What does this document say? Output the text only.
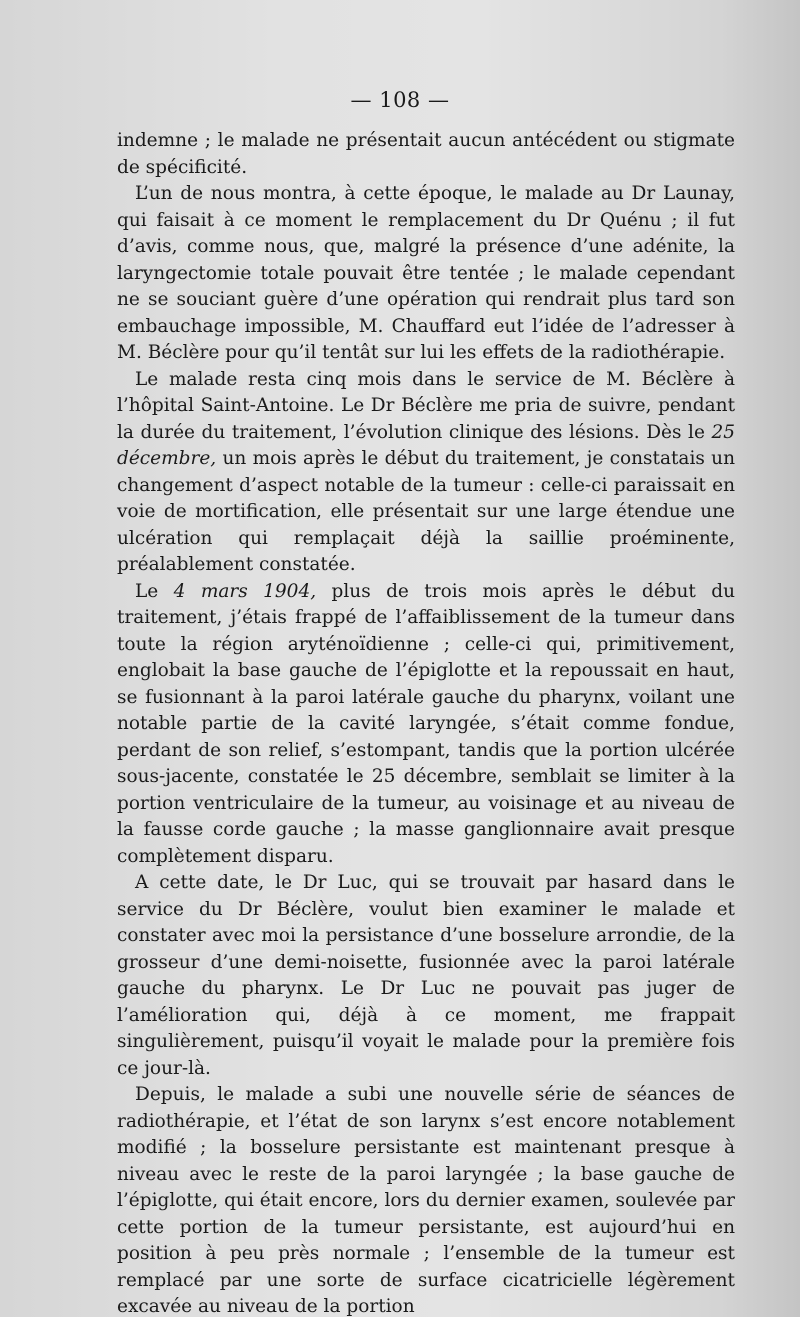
— 108 —

indemne ; le malade ne présentait aucun antécédent ou stigmate de spécificité.

L’un de nous montra, à cette époque, le malade au Dr Launay, qui faisait à ce moment le remplacement du Dr Quénu ; il fut d’avis, comme nous, que, malgré la présence d’une adénite, la laryngectomie totale pouvait être tentée ; le malade cependant ne se souciant guère d’une opération qui rendrait plus tard son embauchage impossible, M. Chauffard eut l’idée de l’adresser à M. Béclère pour qu’il tentât sur lui les effets de la radiothérapie.

Le malade resta cinq mois dans le service de M. Béclère à l’hôpital Saint-Antoine. Le Dr Béclère me pria de suivre, pendant la durée du traitement, l’évolution clinique des lésions. Dès le 25 décembre, un mois après le début du traitement, je constatais un changement d’aspect notable de la tumeur : celle-ci paraissait en voie de mortification, elle présentait sur une large étendue une ulcération qui remplaçait déjà la saillie proéminente, préalablement constatée.

Le 4 mars 1904, plus de trois mois après le début du traitement, j’étais frappé de l’affaiblissement de la tumeur dans toute la région aryténoïdienne ; celle-ci qui, primitivement, englobait la base gauche de l’épiglotte et la repoussait en haut, se fusionnant à la paroi latérale gauche du pharynx, voilant une notable partie de la cavité laryngée, s’était comme fondue, perdant de son relief, s’estompant, tandis que la portion ulcérée sous-jacente, constatée le 25 décembre, semblait se limiter à la portion ventriculaire de la tumeur, au voisinage et au niveau de la fausse corde gauche ; la masse ganglionnaire avait presque complètement disparu.

A cette date, le Dr Luc, qui se trouvait par hasard dans le service du Dr Béclère, voulut bien examiner le malade et constater avec moi la persistance d’une bosselure arrondie, de la grosseur d’une demi-noisette, fusionnée avec la paroi latérale gauche du pharynx. Le Dr Luc ne pouvait pas juger de l’amélioration qui, déjà à ce moment, me frappait singulièrement, puisqu’il voyait le malade pour la première fois ce jour-là.

Depuis, le malade a subi une nouvelle série de séances de radiothérapie, et l’état de son larynx s’est encore notablement modifié ; la bosselure persistante est maintenant presque à niveau avec le reste de la paroi laryngée ; la base gauche de l’épiglotte, qui était encore, lors du dernier examen, soulevée par cette portion de la tumeur persistante, est aujourd’hui en position à peu près normale ; l’ensemble de la tumeur est remplacé par une sorte de surface cicatricielle légèrement excavée au niveau de la portion
